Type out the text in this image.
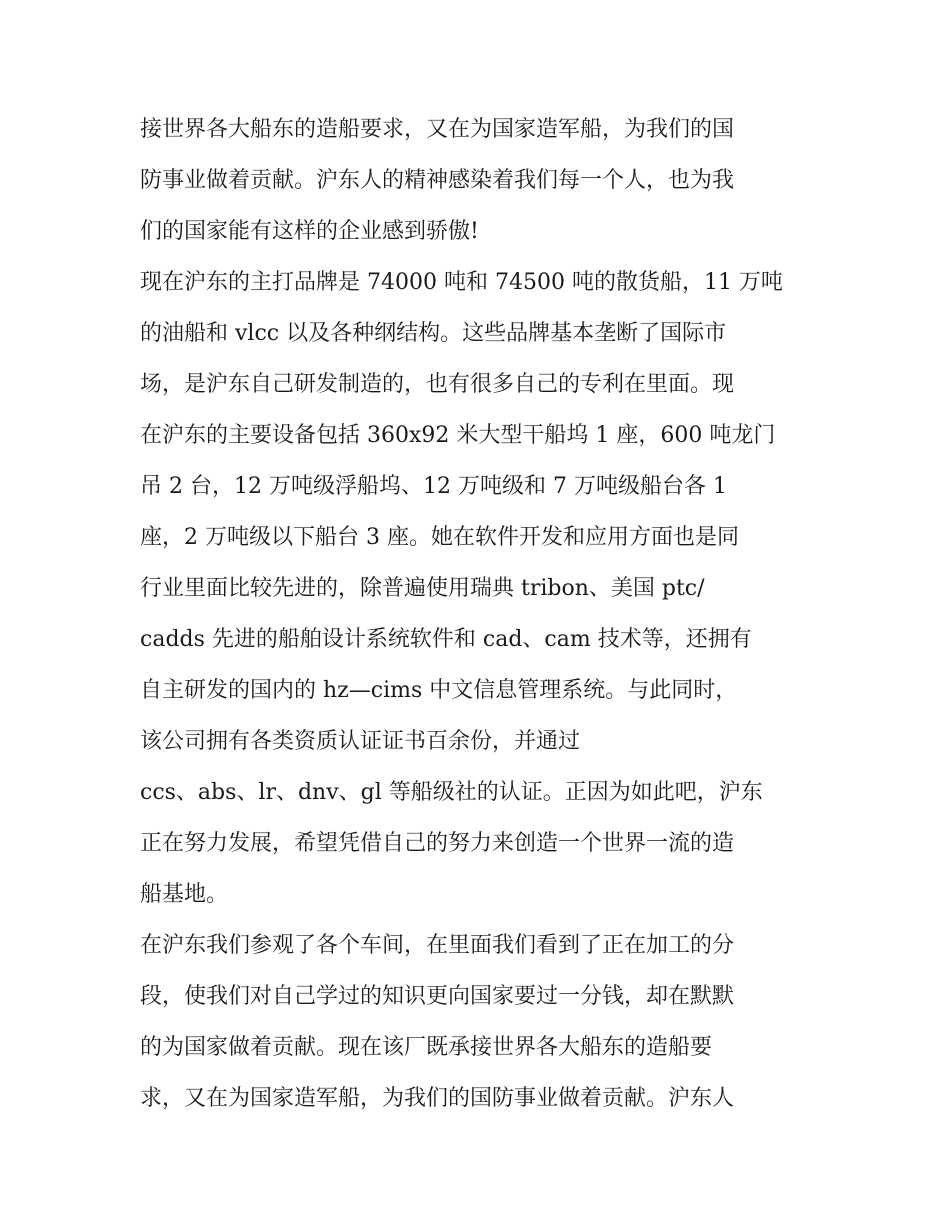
接世界各大船东的造船要求，又在为国家造军船，为我们的国
防事业做着贡献。沪东人的精神感染着我们每一个人，也为我
们的国家能有这样的企业感到骄傲!
现在沪东的主打品牌是 74000 吨和 74500 吨的散货船，11 万吨
的油船和 vlcc 以及各种纲结构。这些品牌基本垄断了国际市
场，是沪东自己研发制造的，也有很多自己的专利在里面。现
在沪东的主要设备包括 360x92 米大型干船坞 1 座，600 吨龙门
吊 2 台，12 万吨级浮船坞、12 万吨级和 7 万吨级船台各 1
座，2 万吨级以下船台 3 座。她在软件开发和应用方面也是同
行业里面比较先进的，除普遍使用瑞典 tribon、美国 ptc/
cadds 先进的船舶设计系统软件和 cad、cam 技术等，还拥有
自主研发的国内的 hz—cims 中文信息管理系统。与此同时，
该公司拥有各类资质认证证书百余份，并通过
ccs、abs、lr、dnv、gl 等船级社的认证。正因为如此吧，沪东
正在努力发展，希望凭借自己的努力来创造一个世界一流的造
船基地。
在沪东我们参观了各个车间，在里面我们看到了正在加工的分
段，使我们对自己学过的知识更向国家要过一分钱，却在默默
的为国家做着贡献。现在该厂既承接世界各大船东的造船要
求，又在为国家造军船，为我们的国防事业做着贡献。沪东人
